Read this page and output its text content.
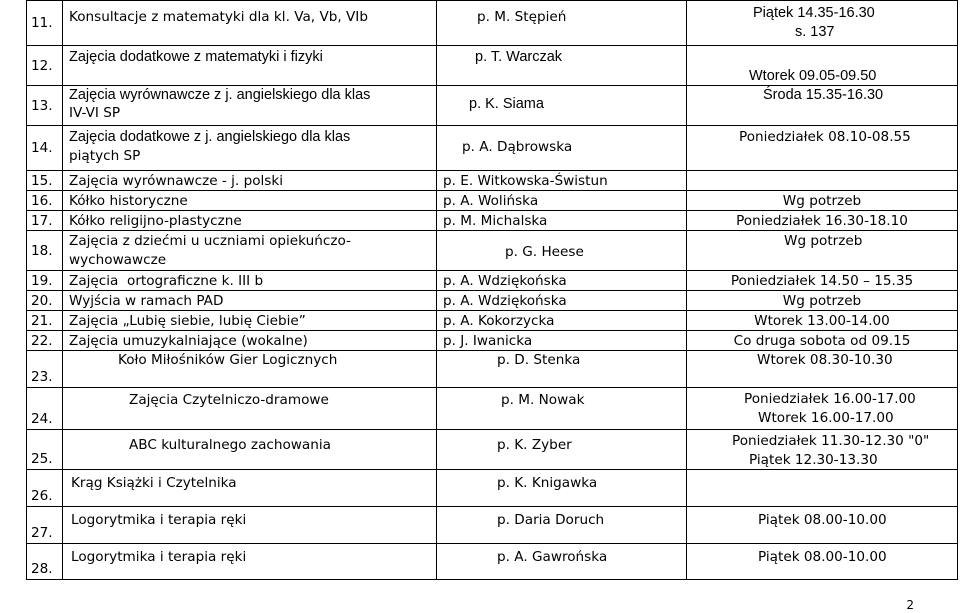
11.	Konsultacje z matematyki dla kl. Va, Vb, VIb	p. M. Stępień	Piątek 14.35-16.30
s. 137

12.	Zajęcia dodatkowe z matematyki i fizyki	p. T. Warczak	Wtorek 09.05-09.50

13.	Zajęcia wyrównawcze z j. angielskiego dla klas
IV-VI SP	p. K. Siama	Środa 15.35-16.30

14.	Zajęcia dodatkowe z j. angielskiego dla klas
piątych SP	p. A. Dąbrowska	Poniedziałek 08.10-08.55

15.	Zajęcia wyrównawcze - j. polski	p. E. Witkowska-Świstun	

16.	Kółko historyczne	p. A. Wolińska	Wg potrzeb

17.	Kółko religijno-plastyczne	p. M. Michalska	Poniedziałek 16.30-18.10

18.	Zajęcia z dziećmi u uczniami opiekuńczo-
wychowawcze	p. G. Heese	Wg potrzeb

19.	Zajęcia  ortograficzne k. III b	p. A. Wdziękońska	Poniedziałek 14.50 – 15.35

20.	Wyjścia w ramach PAD	p. A. Wdziękońska	Wg potrzeb

21.	Zajęcia „Lubię siebie, lubię Ciebie”	p. A. Kokorzycka	Wtorek 13.00-14.00

22.	Zajęcia umuzykalniające (wokalne)	p. J. Iwanicka	Co druga sobota od 09.15

23.	Koło Miłośników Gier Logicznych	p. D. Stenka	Wtorek 08.30-10.30

24.	Zajęcia Czytelniczo-dramowe	p. M. Nowak	Poniedziałek 16.00-17.00
Wtorek 16.00-17.00

25.	ABC kulturalnego zachowania	p. K. Zyber	Poniedziałek 11.30-12.30 "0"
Piątek 12.30-13.30

26.	Krąg Książki i Czytelnika	p. K. Knigawka	

27.	Logorytmika i terapia ręki	p. Daria Doruch	Piątek 08.00-10.00

28.	Logorytmika i terapia ręki	p. A. Gawrońska	Piątek 08.00-10.00
2
